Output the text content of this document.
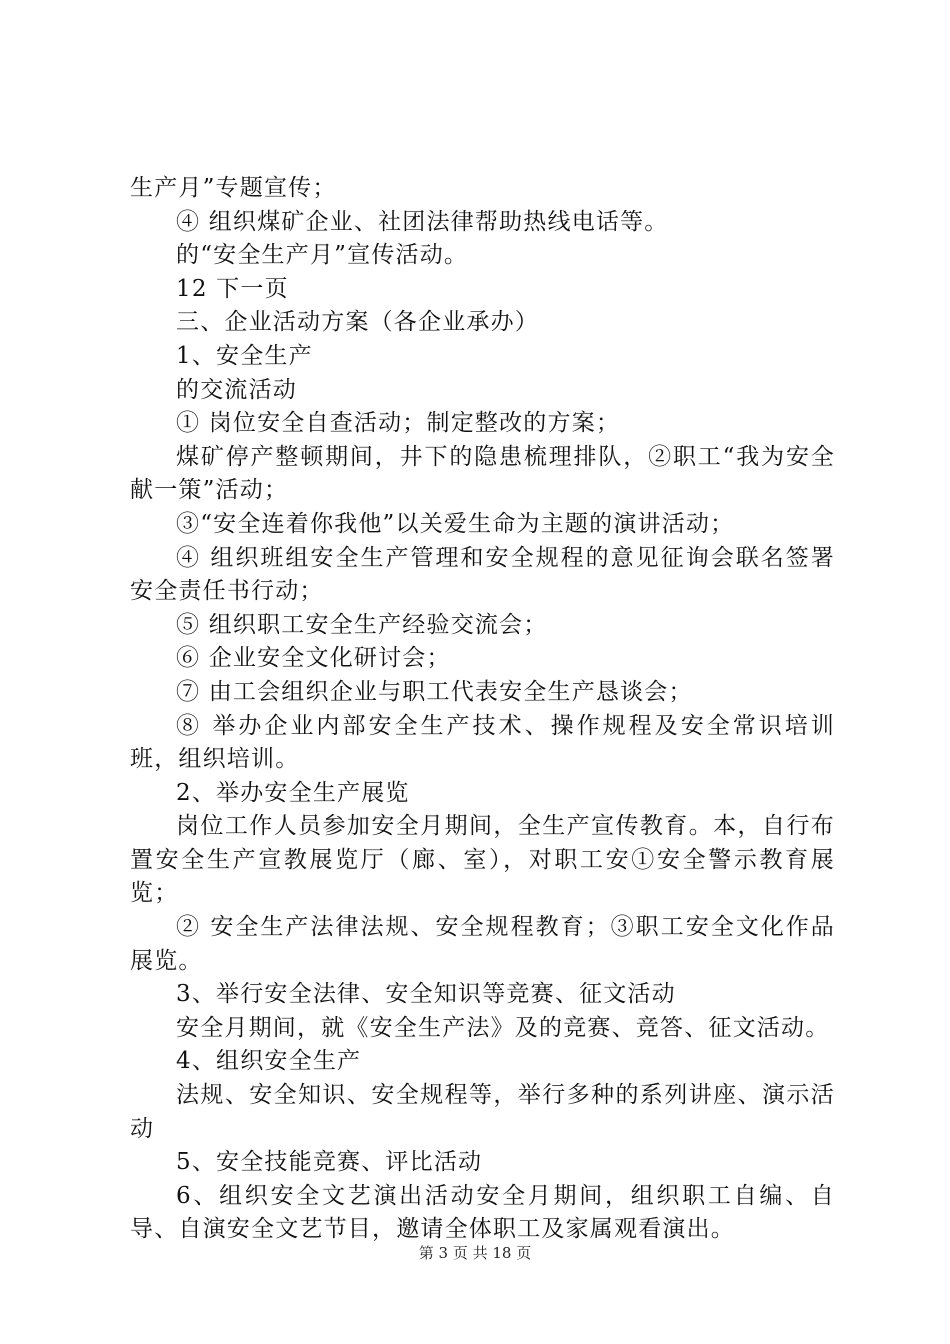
生产月”专题宣传；

④ 组织煤矿企业、社团法律帮助热线电话等。

的“安全生产月”宣传活动。

12 下一页

三、企业活动方案（各企业承办）

1、安全生产

的交流活动

① 岗位安全自查活动；制定整改的方案；

煤矿停产整顿期间，井下的隐患梳理排队，②职工“我为安全献一策”活动；

③“安全连着你我他”以关爱生命为主题的演讲活动；

④ 组织班组安全生产管理和安全规程的意见征询会联名签署安全责任书行动；

⑤ 组织职工安全生产经验交流会；

⑥ 企业安全文化研讨会；

⑦ 由工会组织企业与职工代表安全生产恳谈会；

⑧ 举办企业内部安全生产技术、操作规程及安全常识培训班，组织培训。

2、举办安全生产展览

岗位工作人员参加安全月期间，全生产宣传教育。本，自行布置安全生产宣教展览厅（廊、室），对职工安①安全警示教育展览；

② 安全生产法律法规、安全规程教育；③职工安全文化作品展览。

3、举行安全法律、安全知识等竞赛、征文活动

安全月期间，就《安全生产法》及的竞赛、竞答、征文活动。

4、组织安全生产

法规、安全知识、安全规程等，举行多种的系列讲座、演示活动

5、安全技能竞赛、评比活动

6、组织安全文艺演出活动安全月期间，组织职工自编、自导、自演安全文艺节目，邀请全体职工及家属观看演出。

第 3 页 共 18 页
